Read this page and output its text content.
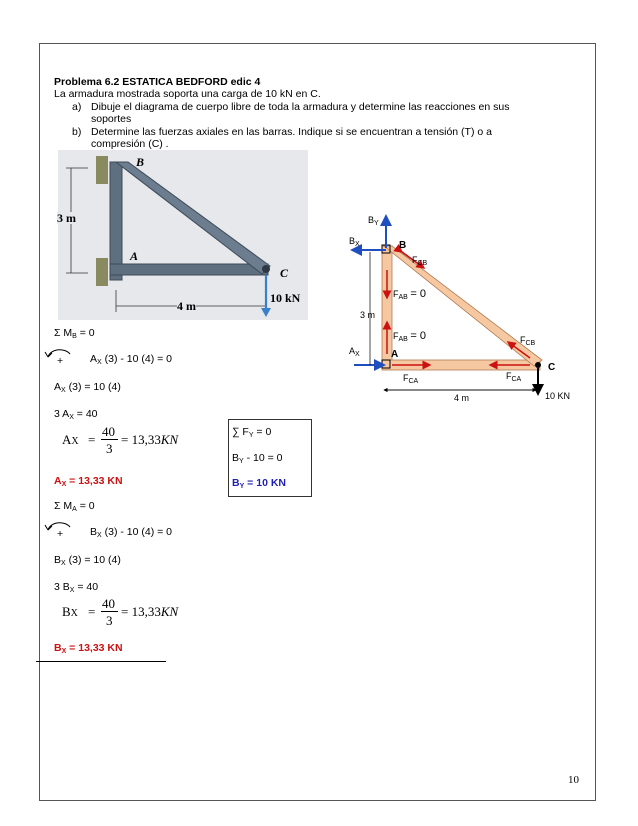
Problema 6.2 ESTATICA BEDFORD edic 4
La armadura mostrada soporta una carga de 10 kN en C.
a) Dibuje el diagrama de cuerpo libre de toda la armadura y determine las reacciones en sus
soportes
b) Determine las fuerzas axiales en las barras. Indique si se encuentran a tensión (T) o a
compresión (C) .
B
A
C
3 m
4 m
10 kN
$B_Y$
$B_X$	B
$F_{CB}$
$F_{AB} = 0$
3 m
$F_{AB} = 0$
$A_X$	A
$F_{CB}$
C
$F_{CA}$
$F_{CA}$
4 m	10 KN
Σ $M_B = 0$
+	$A_X$ (3) - 10 (4) = 0
$A_X$ (3) = 10 (4)
3 $A_X = 40$
AX =
40
3
= 13,33KN
$A_X = 13,33$ KN
Σ $M_A = 0$
+	$B_X$ (3) - 10 (4) = 0
$B_X$ (3) = 10 (4)
3 $B_X = 40$
BX =
40
3
= 13,33KN
$B_X = 13,33$ KN
∑ $F_Y = 0$
$B_Y - 10 = 0$
$B_Y = 10$ KN
10
